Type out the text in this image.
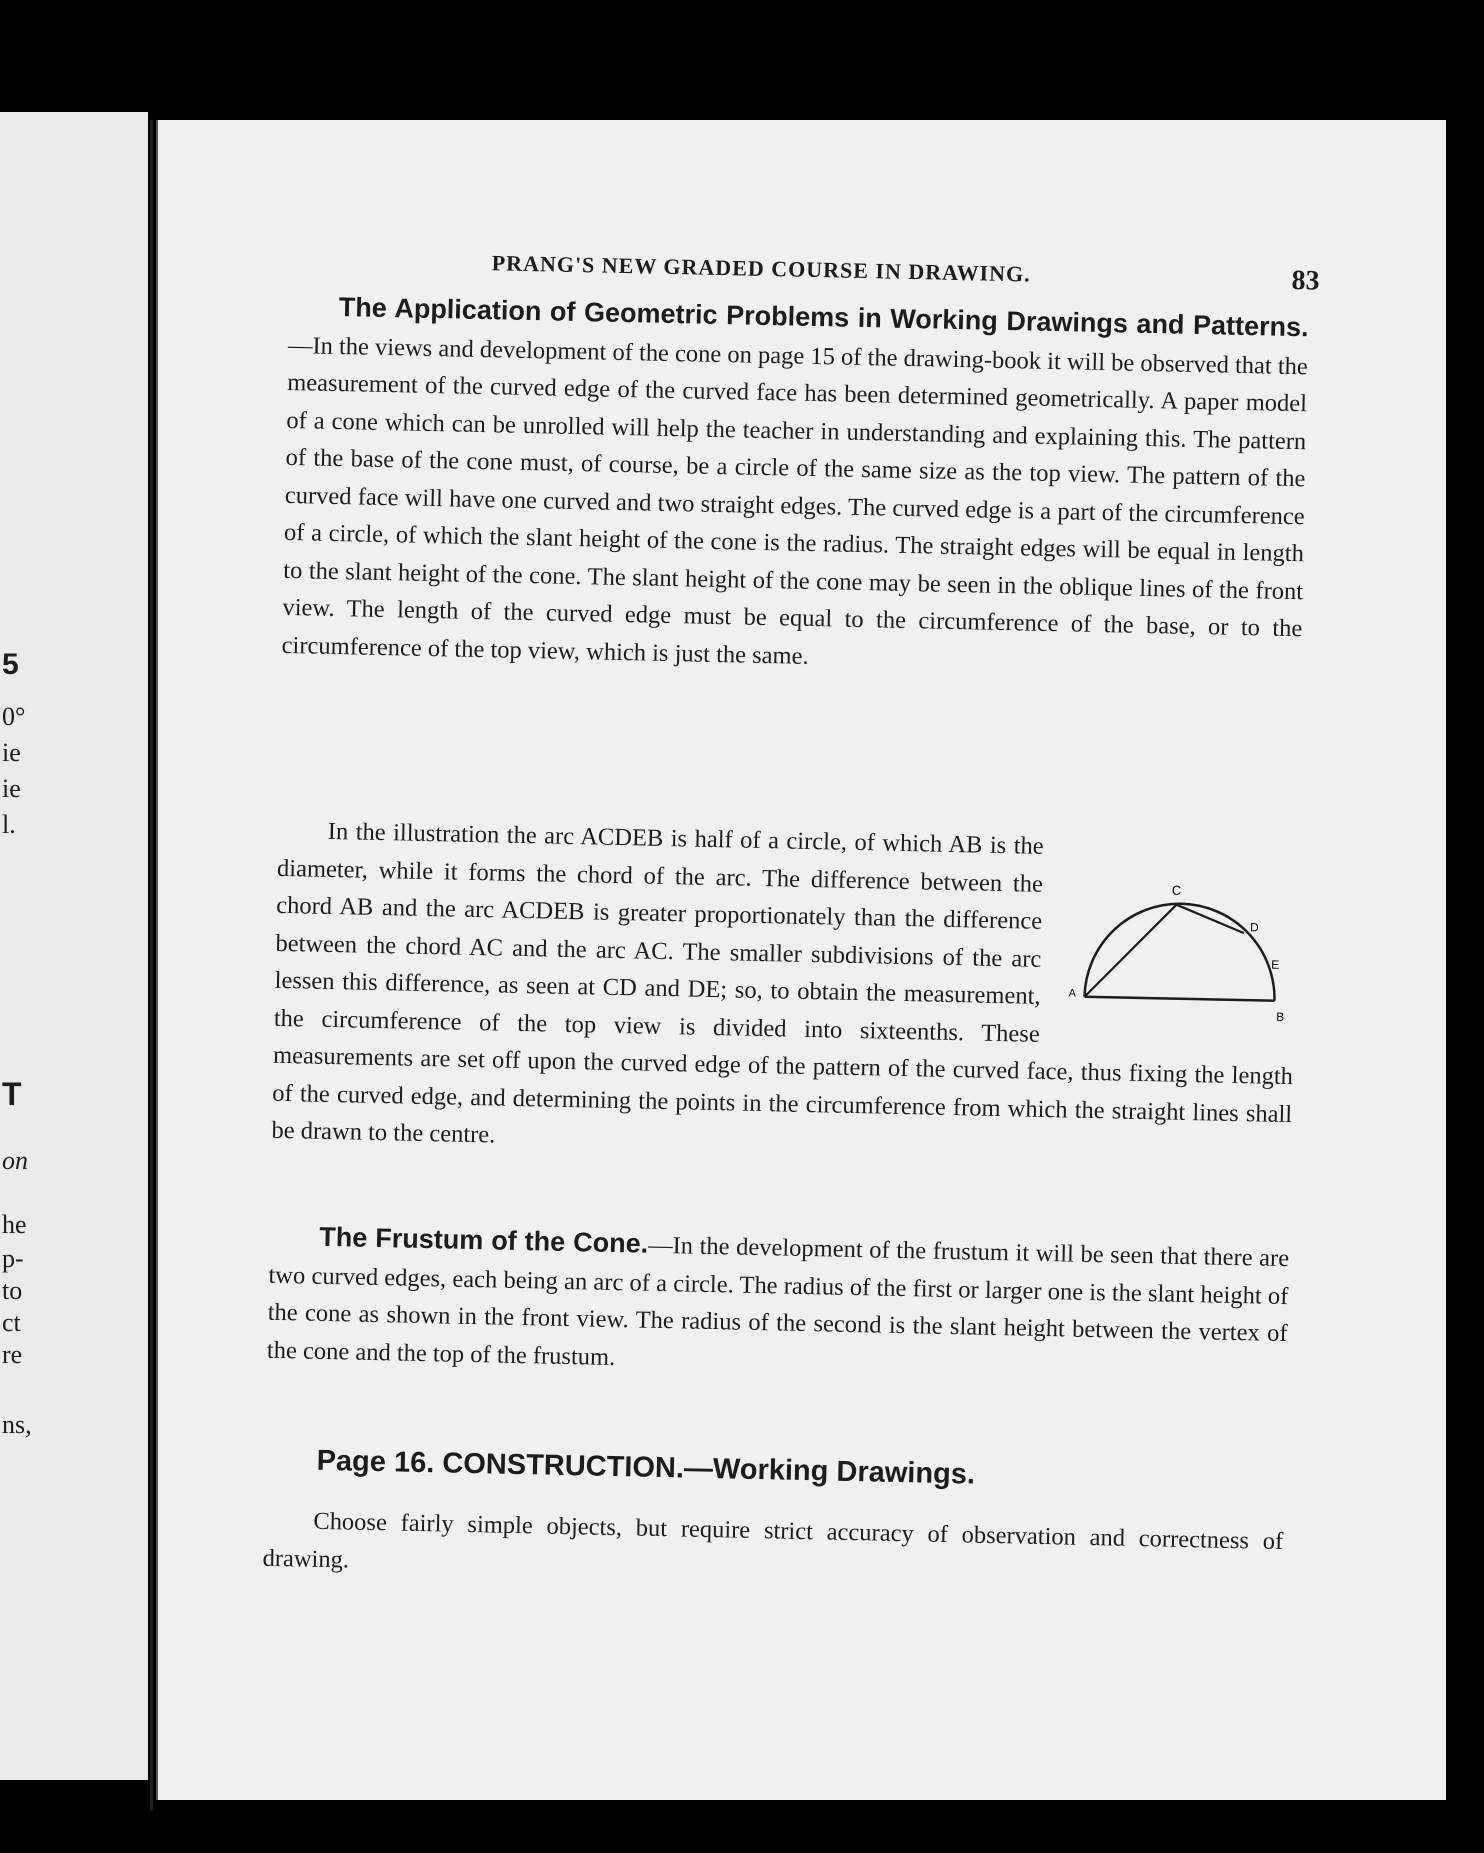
5
0°
ie
ie
l.
T
on
he
p-
to
ct
re
ns,
PRANG'S NEW GRADED COURSE IN DRAWING.	83
The Application of Geometric Problems in Working Drawings and Patterns.—In the views and development of the cone on page 15 of the drawing-book it will be observed that the measurement of the curved edge of the curved face has been determined geometrically. A paper model of a cone which can be unrolled will help the teacher in understanding and explaining this. The pattern of the base of the cone must, of course, be a circle of the same size as the top view. The pattern of the curved face will have one curved and two straight edges. The curved edge is a part of the circumference of a circle, of which the slant height of the cone is the radius. The straight edges will be equal in length to the slant height of the cone. The slant height of the cone may be seen in the oblique lines of the front view. The length of the curved edge must be equal to the circumference of the base, or to the circumference of the top view, which is just the same.
C
D
E
A
B
In the illustration the arc ACDEB is half of a circle, of which AB is the diameter, while it forms the chord of the arc. The difference between the chord AB and the arc ACDEB is greater proportionately than the difference between the chord AC and the arc AC. The smaller subdivisions of the arc lessen this difference, as seen at CD and DE; so, to obtain the measurement, the circumference of the top view is divided into sixteenths. These measurements are set off upon the curved edge of the pattern of the curved face, thus fixing the length of the curved edge, and determining the points in the circumference from which the straight lines shall be drawn to the centre.
The Frustum of the Cone.—In the development of the frustum it will be seen that there are two curved edges, each being an arc of a circle. The radius of the first or larger one is the slant height of the cone as shown in the front view. The radius of the second is the slant height between the vertex of the cone and the top of the frustum.
Page 16. CONSTRUCTION.—Working Drawings.
Choose fairly simple objects, but require strict accuracy of observation and correctness of drawing.
